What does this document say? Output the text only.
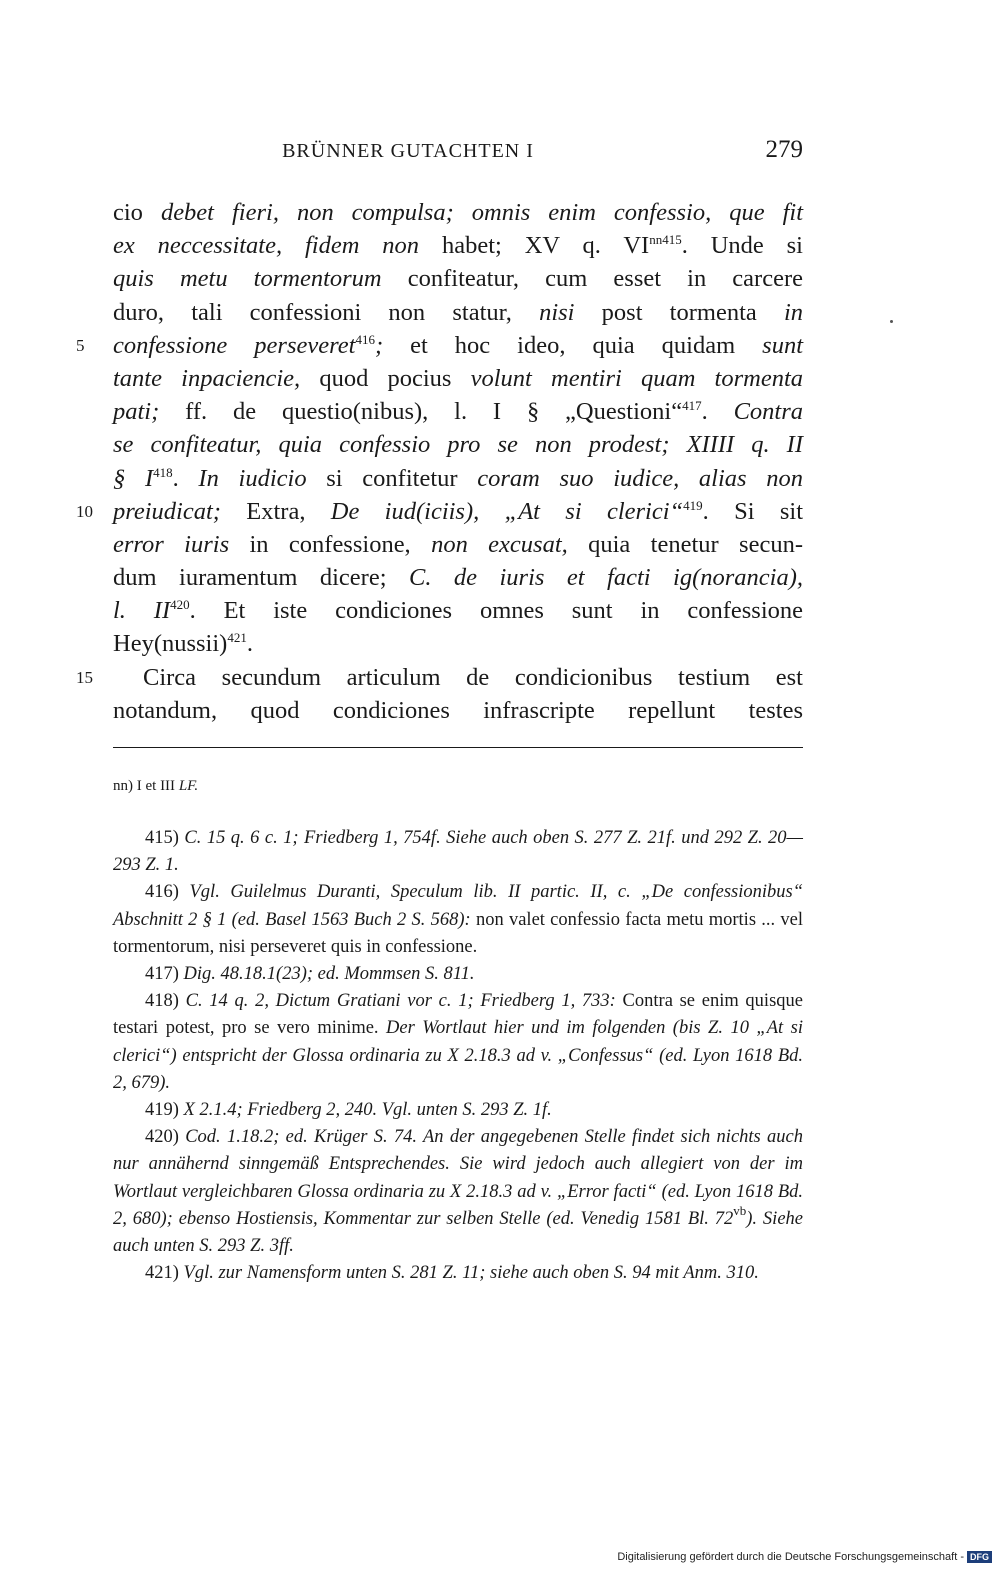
BRÜNNER GUTACHTEN I	279
cio debet fieri, non compulsa; omnis enim confessio, que fit
ex neccessitate, fidem non habet; XV q. $VI^{nn415}$. Unde si
quis metu tormentorum confiteatur, cum esset in carcere
duro, tali confessioni non statur, nisi post tormenta in
5	confessione perseveret$^{416}$; et hoc ideo, quia quidam sunt
tante inpaciencie, quod pocius volunt mentiri quam tormenta
pati; ff. de questio(nibus), l. I § „Questioni“$^{417}$. Contra
se confiteatur, quia confessio pro se non prodest; XIIII q. II
§ $I^{418}$. In iudicio si confitetur coram suo iudice, alias non
10 preiudicat; Extra, De iud(iciis), „At si clerici“$^{419}$. Si sit
error iuris in confessione, non excusat, quia tenetur secun-
dum iuramentum dicere; C. de iuris et facti ig(norancia),
l. II$^{420}$. Et iste condiciones omnes sunt in confessione
Hey(nussii)$^{421}$.
15	Circa secundum articulum de condicionibus testium est
notandum, quod condiciones infrascripte repellunt testes
nn) I et III LF.

415) C. 15 q. 6 c. 1; Friedberg 1, 754f. Siehe auch oben S. 277 Z. 21f. und 292 Z. 20—293 Z. 1.

416) Vgl. Guilelmus Duranti, Speculum lib. II partic. II, c. „De confessionibus“ Abschnitt 2 § 1 (ed. Basel 1563 Buch 2 S. 568): non valet confessio facta metu mortis ... vel tormentorum, nisi perseveret quis in confessione.

417) Dig. 48.18.1(23); ed. Mommsen S. 811.

418) C. 14 q. 2, Dictum Gratiani vor c. 1; Friedberg 1, 733: Contra se enim quisque testari potest, pro se vero minime. Der Wortlaut hier und im folgenden (bis Z. 10 „At si clerici“) entspricht der Glossa ordinaria zu X 2.18.3 ad v. „Confessus“ (ed. Lyon 1618 Bd. 2, 679).

419) X 2.1.4; Friedberg 2, 240. Vgl. unten S. 293 Z. 1f.

420) Cod. 1.18.2; ed. Krüger S. 74. An der angegebenen Stelle findet sich nichts auch nur annähernd sinngemäß Entsprechendes. Sie wird jedoch auch allegiert von der im Wortlaut vergleichbaren Glossa ordinaria zu X 2.18.3 ad v. „Error facti“ (ed. Lyon 1618 Bd. 2, 680); ebenso Hostiensis, Kommentar zur selben Stelle (ed. Venedig 1581 Bl. $72^{vb}$). Siehe auch unten S. 293 Z. 3ff.

421) Vgl. zur Namensform unten S. 281 Z. 11; siehe auch oben S. 94 mit Anm. 310.

Digitalisierung gefördert durch die Deutsche Forschungsgemeinschaft - DFG
